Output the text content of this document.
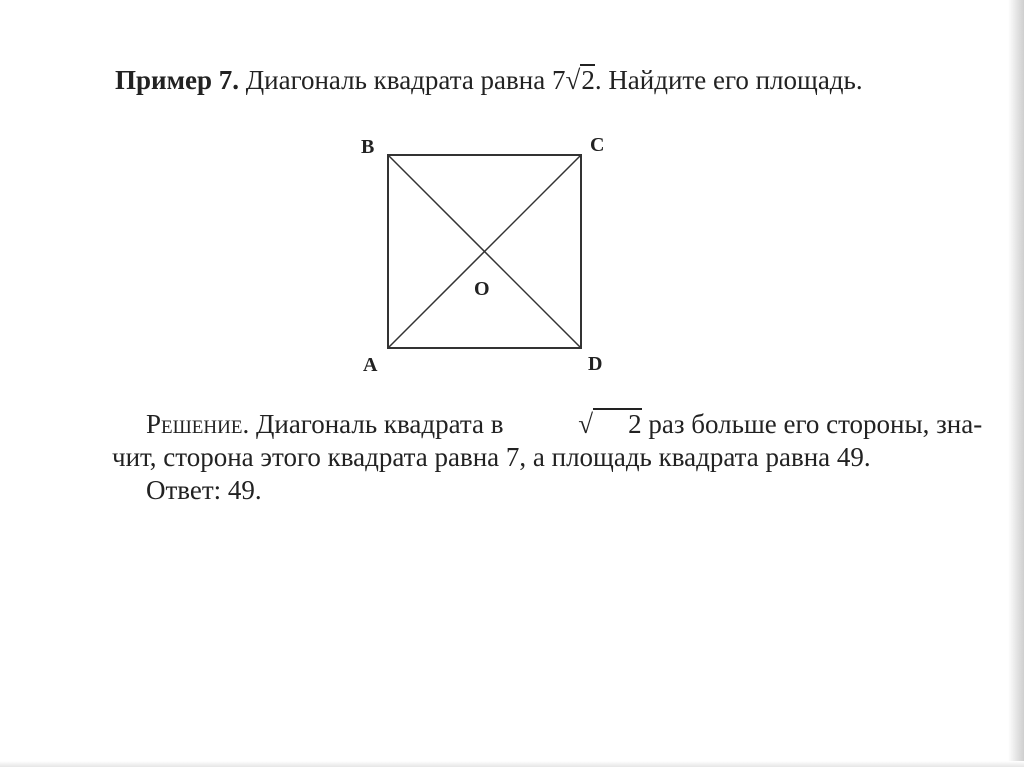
Пример 7. Диагональ квадрата равна 7√2. Найдите его площадь.
B	C
A	D
O

Решение. Диагональ квадрата в	√ 2 раз больше его стороны, зна-

чит, сторона этого квадрата равна 7, а площадь квадрата равна 49.

Ответ: 49.
